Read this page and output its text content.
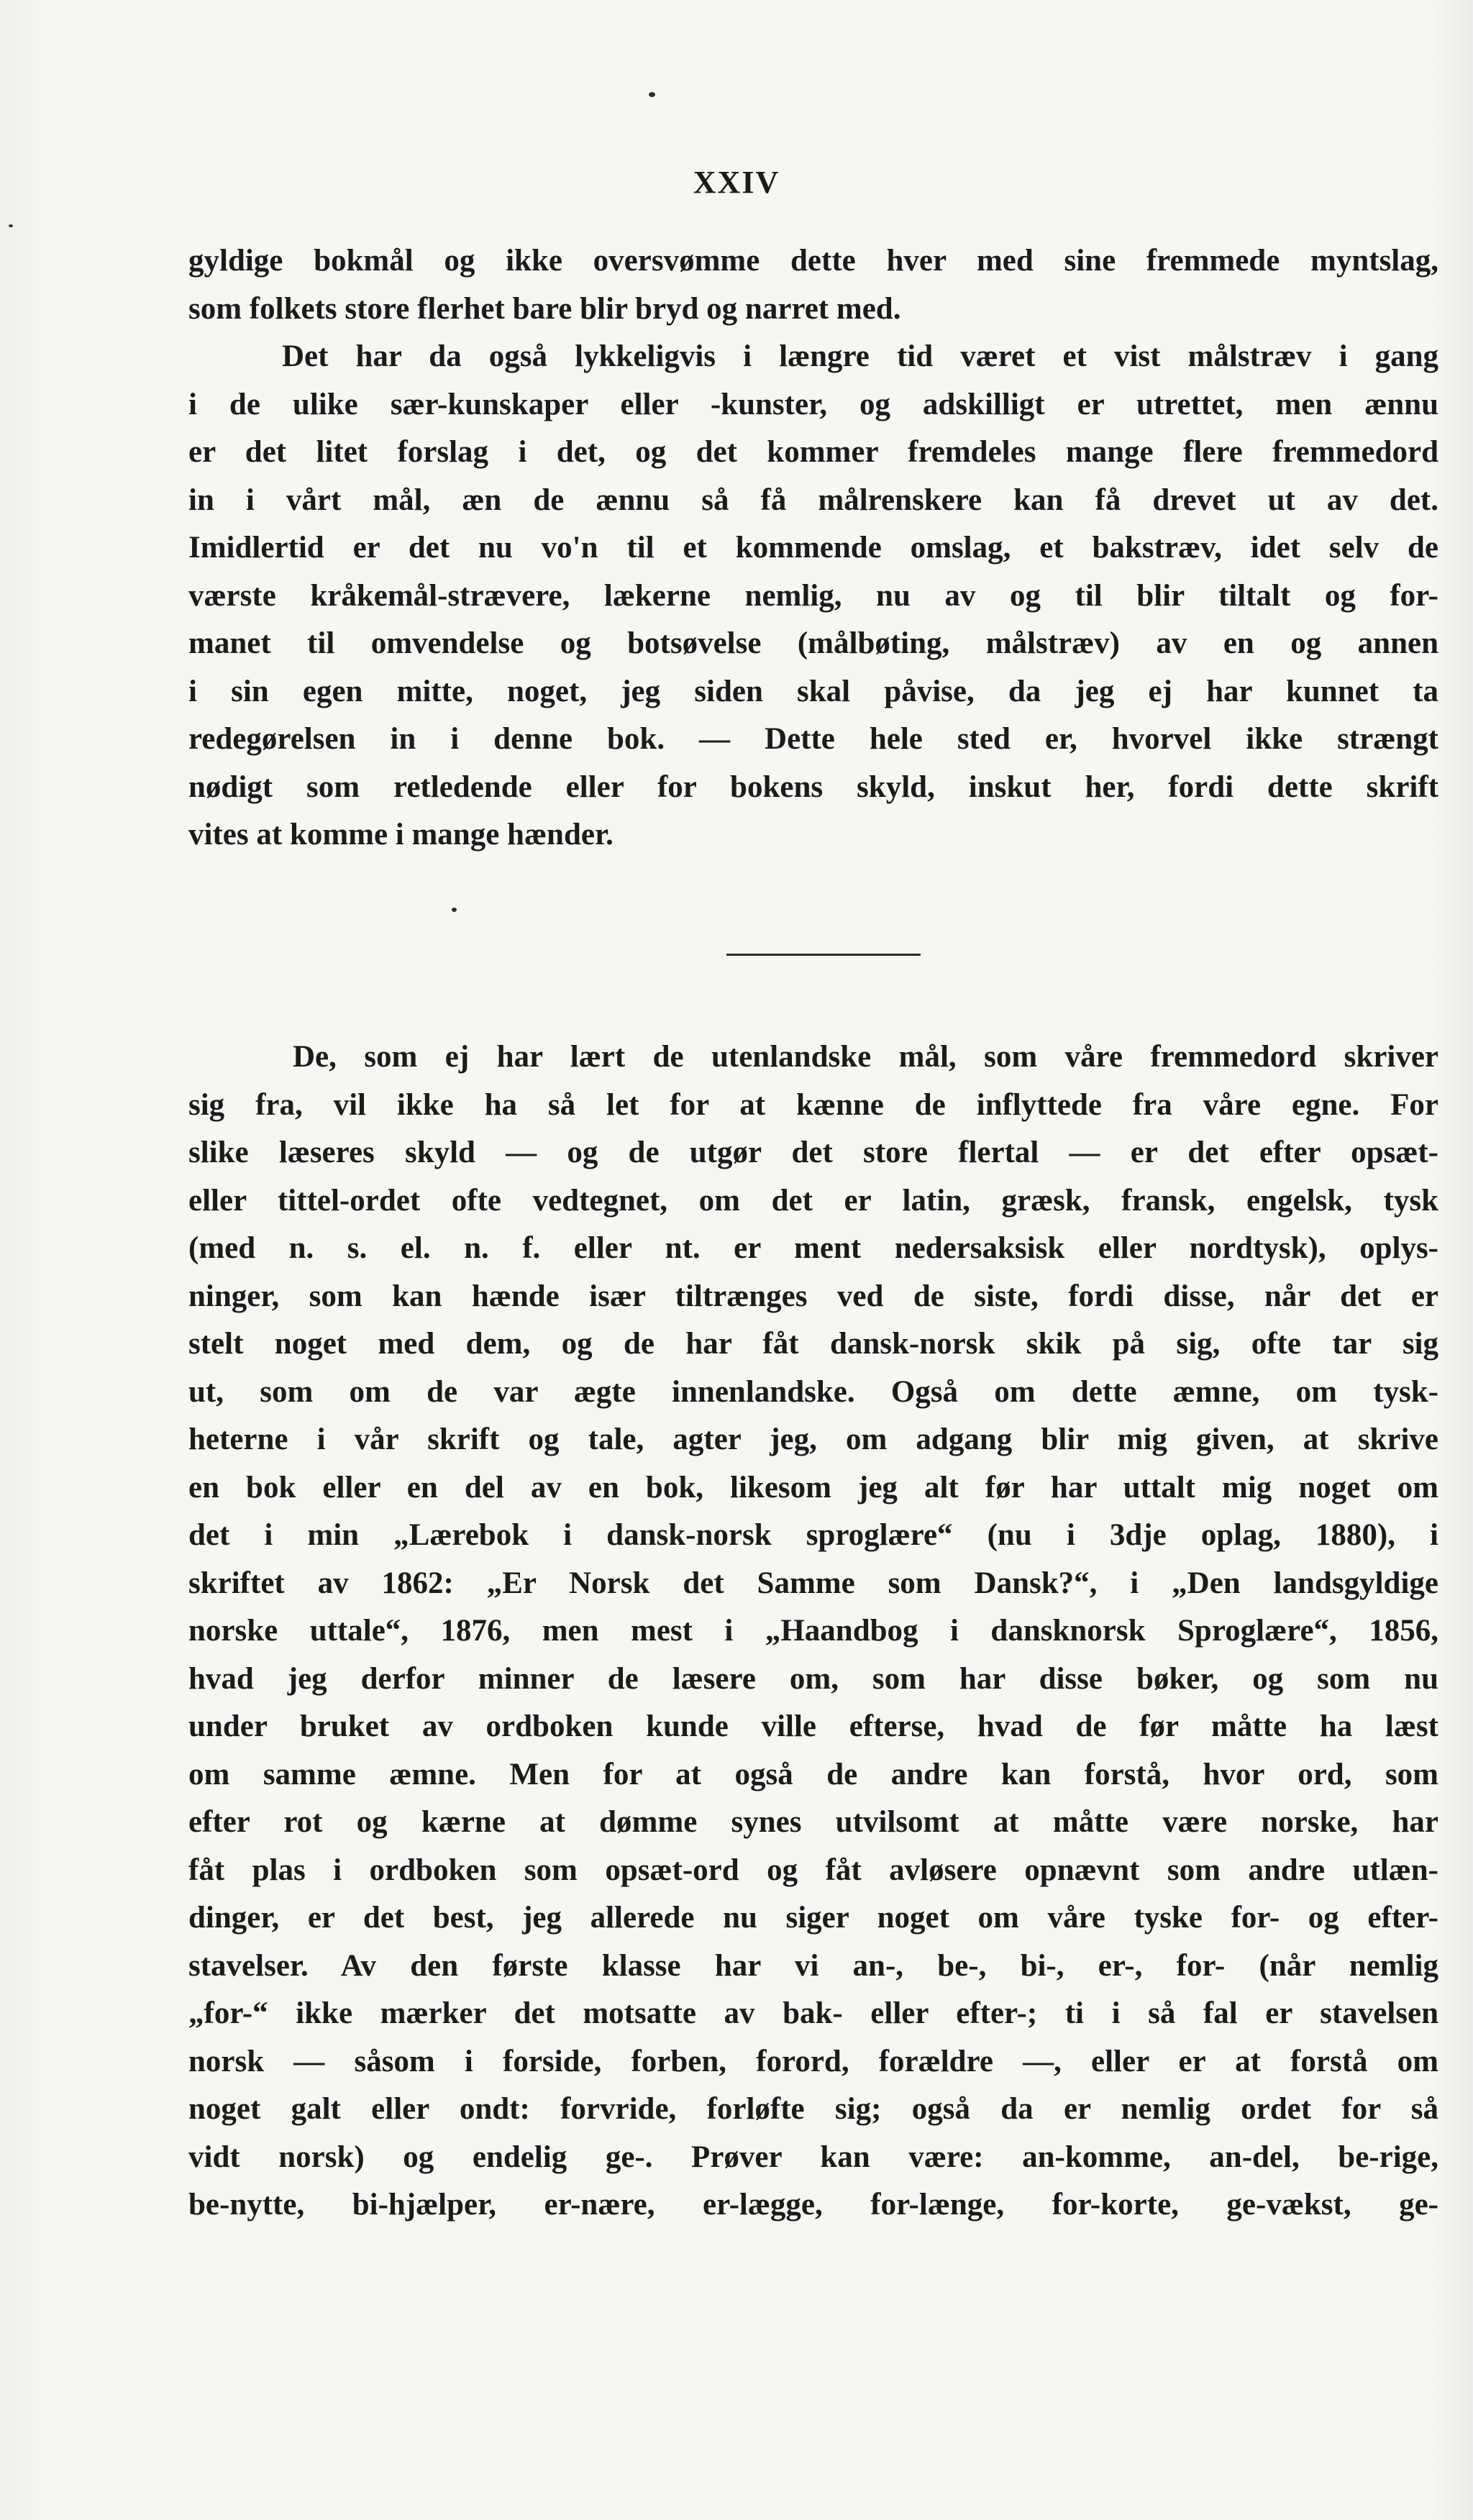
XXIV
gyldige bokmål og ikke oversvømme dette hver med sine fremmede myntslag,
som folkets store flerhet bare blir bryd og narret med.
Det har da også lykkeligvis i længre tid været et vist målstræv i gang
i de ulike sær-kunskaper eller -kunster, og adskilligt er utrettet, men ænnu
er det litet forslag i det, og det kommer fremdeles mange flere fremmedord
in i vårt mål, æn de ænnu så få målrenskere kan få drevet ut av det.
Imidlertid er det nu vo'n til et kommende omslag, et bakstræv, idet selv de
værste kråkemål-strævere, lækerne nemlig, nu av og til blir tiltalt og for-
manet til omvendelse og botsøvelse (målbøting, målstræv) av en og annen
i sin egen mitte, noget, jeg siden skal påvise, da jeg ej har kunnet ta
redegørelsen in i denne bok. — Dette hele sted er, hvorvel ikke strængt
nødigt som retledende eller for bokens skyld, inskut her, fordi dette skrift
vites at komme i mange hænder.
De, som ej har lært de utenlandske mål, som våre fremmedord skriver
sig fra, vil ikke ha så let for at kænne de inflyttede fra våre egne. For
slike læseres skyld — og de utgør det store flertal — er det efter opsæt-
eller tittel-ordet ofte vedtegnet, om det er latin, græsk, fransk, engelsk, tysk
(med n. s. el. n. f. eller nt. er ment nedersaksisk eller nordtysk), oplys-
ninger, som kan hænde især tiltrænges ved de siste, fordi disse, når det er
stelt noget med dem, og de har fåt dansk-norsk skik på sig, ofte tar sig
ut, som om de var ægte innenlandske. Også om dette æmne, om tysk-
heterne i vår skrift og tale, agter jeg, om adgang blir mig given, at skrive
en bok eller en del av en bok, likesom jeg alt før har uttalt mig noget om
det i min „Lærebok i dansk-norsk sproglære“ (nu i 3dje oplag, 1880), i
skriftet av 1862: „Er Norsk det Samme som Dansk?“, i „Den landsgyldige
norske uttale“, 1876, men mest i „Haandbog i dansknorsk Sproglære“, 1856,
hvad jeg derfor minner de læsere om, som har disse bøker, og som nu
under bruket av ordboken kunde ville efterse, hvad de før måtte ha læst
om samme æmne. Men for at også de andre kan forstå, hvor ord, som
efter rot og kærne at dømme synes utvilsomt at måtte være norske, har
fåt plas i ordboken som opsæt-ord og fåt avløsere opnævnt som andre utlæn-
dinger, er det best, jeg allerede nu siger noget om våre tyske for- og efter-
stavelser. Av den første klasse har vi an-, be-, bi-, er-, for- (når nemlig
„for-“ ikke mærker det motsatte av bak- eller efter-; ti i så fal er stavelsen
norsk — såsom i forside, forben, forord, forældre —, eller er at forstå om
noget galt eller ondt: forvride, forløfte sig; også da er nemlig ordet for så
vidt norsk) og endelig ge-. Prøver kan være: an-komme, an-del, be-rige,
be-nytte, bi-hjælper, er-nære, er-lægge, for-længe, for-korte, ge-vækst, ge-
